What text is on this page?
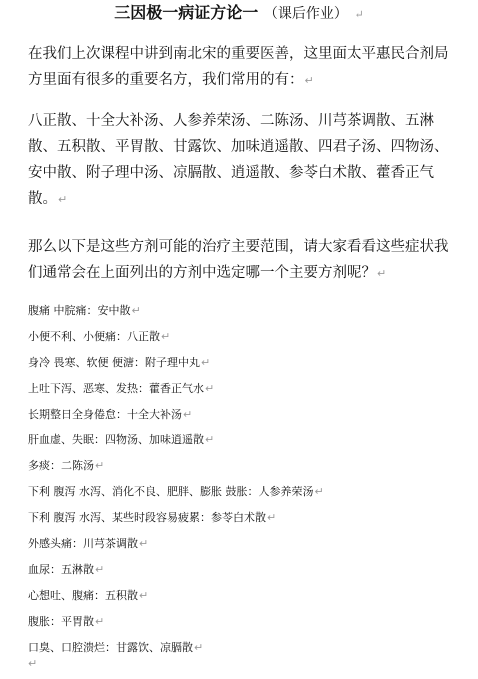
三因极一病证方论一 （课后作业） ↵
在我们上次课程中讲到南北宋的重要医善，这里面太平惠民合剂局方里面有很多的重要名方，我们常用的有：↵
八正散、十全大补汤、人参养荣汤、二陈汤、川芎茶调散、五淋散、五积散、平胃散、甘露饮、加味逍遥散、四君子汤、四物汤、安中散、附子理中汤、凉膈散、逍遥散、参苓白术散、藿香正气散。↵
那么以下是这些方剂可能的治疗主要范围，请大家看看这些症状我们通常会在上面列出的方剂中选定哪一个主要方剂呢？↵
腹痛 中脘痛：安中散↵
小便不利、小便痛：八正散↵
身冷 畏寒、软便 便溏：附子理中丸↵
上吐下泻、恶寒、发热：藿香正气水↵
长期整日全身倦怠：十全大补汤↵
肝血虚、失眠：四物汤、加味逍遥散↵
多痰：二陈汤↵
下利 腹泻 水泻、消化不良、肥胖、膨胀 鼓胀：人参养荣汤↵
下利 腹泻 水泻、某些时段容易疲累：参苓白术散↵
外感头痛：川芎茶调散↵
血尿：五淋散↵
心想吐、腹痛：五积散↵
腹胀：平胃散↵
口臭、口腔溃烂：甘露饮、凉膈散↵
↵
